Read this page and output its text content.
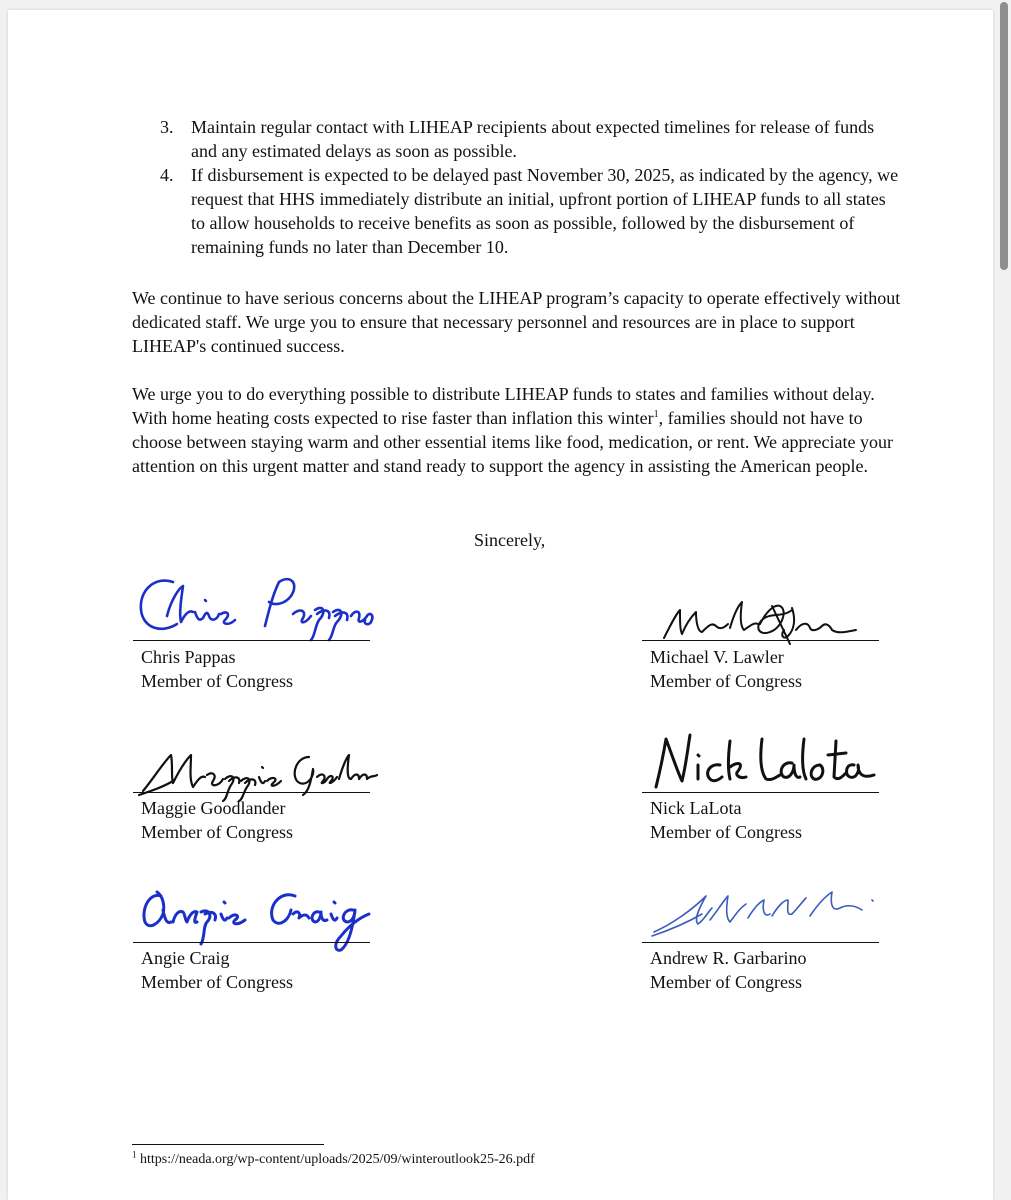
3. Maintain regular contact with LIHEAP recipients about expected timelines for release of funds and any estimated delays as soon as possible.
4. If disbursement is expected to be delayed past November 30, 2025, as indicated by the agency, we request that HHS immediately distribute an initial, upfront portion of LIHEAP funds to all states to allow households to receive benefits as soon as possible, followed by the disbursement of remaining funds no later than December 10.

We continue to have serious concerns about the LIHEAP program’s capacity to operate effectively without dedicated staff. We urge you to ensure that necessary personnel and resources are in place to support LIHEAP's continued success.

We urge you to do everything possible to distribute LIHEAP funds to states and families without delay. With home heating costs expected to rise faster than inflation this winter$^1$, families should not have to choose between staying warm and other essential items like food, medication, or rent. We appreciate your attention on this urgent matter and stand ready to support the agency in assisting the American people.

Sincerely,
Chris Pappas
Member of Congress
Michael V. Lawler
Member of Congress
Maggie Goodlander
Member of Congress
Nick LaLota
Member of Congress
Angie Craig
Member of Congress
Andrew R. Garbarino
Member of Congress
$^1$ https://neada.org/wp-content/uploads/2025/09/winteroutlook25-26.pdf
